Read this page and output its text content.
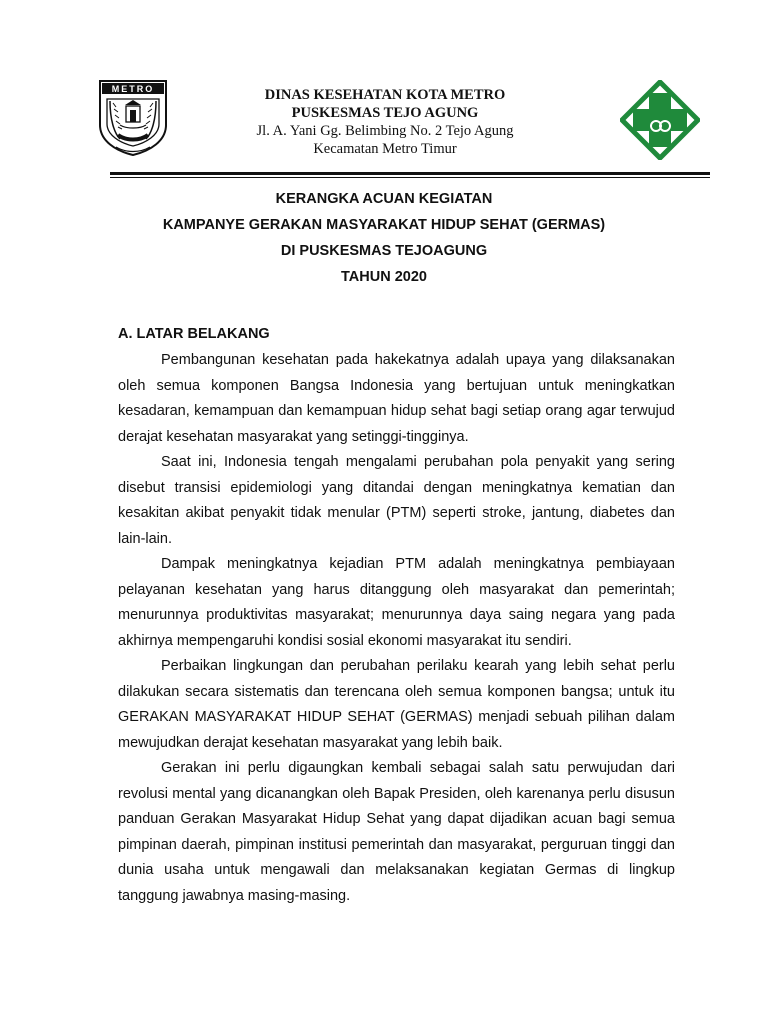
METRO	DINAS KESEHATAN KOTA METRO
PUSKESMAS TEJO AGUNG
Jl. A. Yani Gg. Belimbing No. 2 Tejo Agung
Kecamatan Metro Timur
KERANGKA ACUAN KEGIATAN
KAMPANYE GERAKAN MASYARAKAT HIDUP SEHAT (GERMAS)
DI PUSKESMAS TEJOAGUNG
TAHUN 2020
A. LATAR BELAKANG

Pembangunan kesehatan pada hakekatnya adalah upaya yang dilaksanakan oleh semua komponen Bangsa Indonesia yang bertujuan untuk meningkatkan kesadaran, kemampuan dan kemampuan hidup sehat bagi setiap orang agar terwujud derajat kesehatan masyarakat yang setinggi-tingginya.

Saat ini, Indonesia tengah mengalami perubahan pola penyakit yang sering disebut transisi epidemiologi yang ditandai dengan meningkatnya kematian dan kesakitan akibat penyakit tidak menular (PTM) seperti stroke, jantung, diabetes dan lain-lain.

Dampak meningkatnya kejadian PTM adalah meningkatnya pembiayaan pelayanan kesehatan yang harus ditanggung oleh masyarakat dan pemerintah; menurunnya produktivitas masyarakat; menurunnya daya saing negara yang pada akhirnya mempengaruhi kondisi sosial ekonomi masyarakat itu sendiri.

Perbaikan lingkungan dan perubahan perilaku kearah yang lebih sehat perlu dilakukan secara sistematis dan terencana oleh semua komponen bangsa; untuk itu GERAKAN MASYARAKAT HIDUP SEHAT (GERMAS) menjadi sebuah pilihan dalam mewujudkan derajat kesehatan masyarakat yang lebih baik.

Gerakan ini perlu digaungkan kembali sebagai salah satu perwujudan dari revolusi mental yang dicanangkan oleh Bapak Presiden, oleh karenanya perlu disusun panduan Gerakan Masyarakat Hidup Sehat yang dapat dijadikan acuan bagi semua pimpinan daerah, pimpinan institusi pemerintah dan masyarakat, perguruan tinggi dan dunia usaha untuk mengawali dan melaksanakan kegiatan Germas di lingkup tanggung jawabnya masing-masing.
